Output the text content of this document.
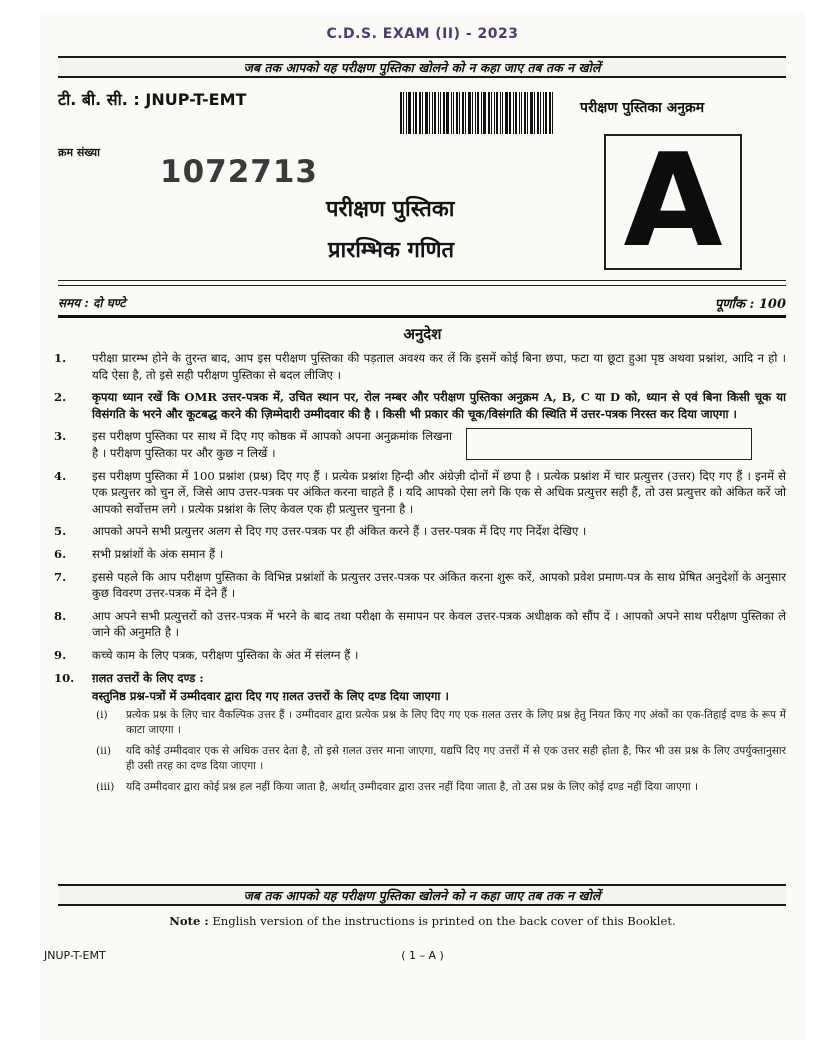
C.D.S. EXAM (II) - 2023
जब तक आपको यह परीक्षण पुस्तिका खोलने को न कहा जाए तब तक न खोलें
टी. बी. सी. : JNUP-T-EMT	परीक्षण पुस्तिका अनुक्रम
क्रम संख्या
1072713
परीक्षण पुस्तिका
प्रारम्भिक गणित A
समय : दो घण्टे	पूर्णांक : 100
अनुदेश
1.	परीक्षा प्रारम्भ होने के तुरन्त बाद, आप इस परीक्षण पुस्तिका की पड़ताल अवश्य कर लें कि इसमें कोई बिना छपा, फटा या छूटा हुआ पृष्ठ अथवा प्रश्नांश, आदि न हो । यदि ऐसा है, तो इसे सही परीक्षण पुस्तिका से बदल लीजिए ।
2.	कृपया ध्यान रखें कि OMR उत्तर-पत्रक में, उचित स्थान पर, रोल नम्बर और परीक्षण पुस्तिका अनुक्रम A, B, C या D को, ध्यान से एवं बिना किसी चूक या विसंगति के भरने और कूटबद्ध करने की ज़िम्मेदारी उम्मीदवार की है । किसी भी प्रकार की चूक/विसंगति की स्थिति में उत्तर-पत्रक निरस्त कर दिया जाएगा ।
3.	इस परीक्षण पुस्तिका पर साथ में दिए गए कोष्ठक में आपको अपना अनुक्रमांक लिखना है । परीक्षण पुस्तिका पर और कुछ न लिखें ।
4.	इस परीक्षण पुस्तिका में 100 प्रश्नांश (प्रश्न) दिए गए हैं । प्रत्येक प्रश्नांश हिन्दी और अंग्रेज़ी दोनों में छपा है । प्रत्येक प्रश्नांश में चार प्रत्युत्तर (उत्तर) दिए गए हैं । इनमें से एक प्रत्युत्तर को चुन लें, जिसे आप उत्तर-पत्रक पर अंकित करना चाहते हैं । यदि आपको ऐसा लगे कि एक से अधिक प्रत्युत्तर सही हैं, तो उस प्रत्युत्तर को अंकित करें जो आपको सर्वोत्तम लगे । प्रत्येक प्रश्नांश के लिए केवल एक ही प्रत्युत्तर चुनना है ।
5.	आपको अपने सभी प्रत्युत्तर अलग से दिए गए उत्तर-पत्रक पर ही अंकित करने हैं । उत्तर-पत्रक में दिए गए निर्देश देखिए ।
6.	सभी प्रश्नांशों के अंक समान हैं ।
7.	इससे पहले कि आप परीक्षण पुस्तिका के विभिन्न प्रश्नांशों के प्रत्युत्तर उत्तर-पत्रक पर अंकित करना शुरू करें, आपको प्रवेश प्रमाण-पत्र के साथ प्रेषित अनुदेशों के अनुसार कुछ विवरण उत्तर-पत्रक में देने हैं ।
8.	आप अपने सभी प्रत्युत्तरों को उत्तर-पत्रक में भरने के बाद तथा परीक्षा के समापन पर केवल उत्तर-पत्रक अधीक्षक को सौंप दें । आपको अपने साथ परीक्षण पुस्तिका ले जाने की अनुमति है ।
9.	कच्चे काम के लिए पत्रक, परीक्षण पुस्तिका के अंत में संलग्न हैं ।
10.	ग़लत उत्तरों के लिए दण्ड :
वस्तुनिष्ठ प्रश्न-पत्रों में उम्मीदवार द्वारा दिए गए ग़लत उत्तरों के लिए दण्ड दिया जाएगा ।
(i)	प्रत्येक प्रश्न के लिए चार वैकल्पिक उत्तर हैं । उम्मीदवार द्वारा प्रत्येक प्रश्न के लिए दिए गए एक ग़लत उत्तर के लिए प्रश्न हेतु नियत किए गए अंकों का एक-तिहाई दण्ड के रूप में काटा जाएगा ।
(ii)	यदि कोई उम्मीदवार एक से अधिक उत्तर देता है, तो इसे ग़लत उत्तर माना जाएगा, यद्यपि दिए गए उत्तरों में से एक उत्तर सही होता है, फिर भी उस प्रश्न के लिए उपर्युक्तानुसार ही उसी तरह का दण्ड दिया जाएगा ।
(iii)	यदि उम्मीदवार द्वारा कोई प्रश्न हल नहीं किया जाता है, अर्थात् उम्मीदवार द्वारा उत्तर नहीं दिया जाता है, तो उस प्रश्न के लिए कोई दण्ड नहीं दिया जाएगा ।
जब तक आपको यह परीक्षण पुस्तिका खोलने को न कहा जाए तब तक न खोलें
Note : English version of the instructions is printed on the back cover of this Booklet.
JNUP-T-EMT	( 1 – A )
